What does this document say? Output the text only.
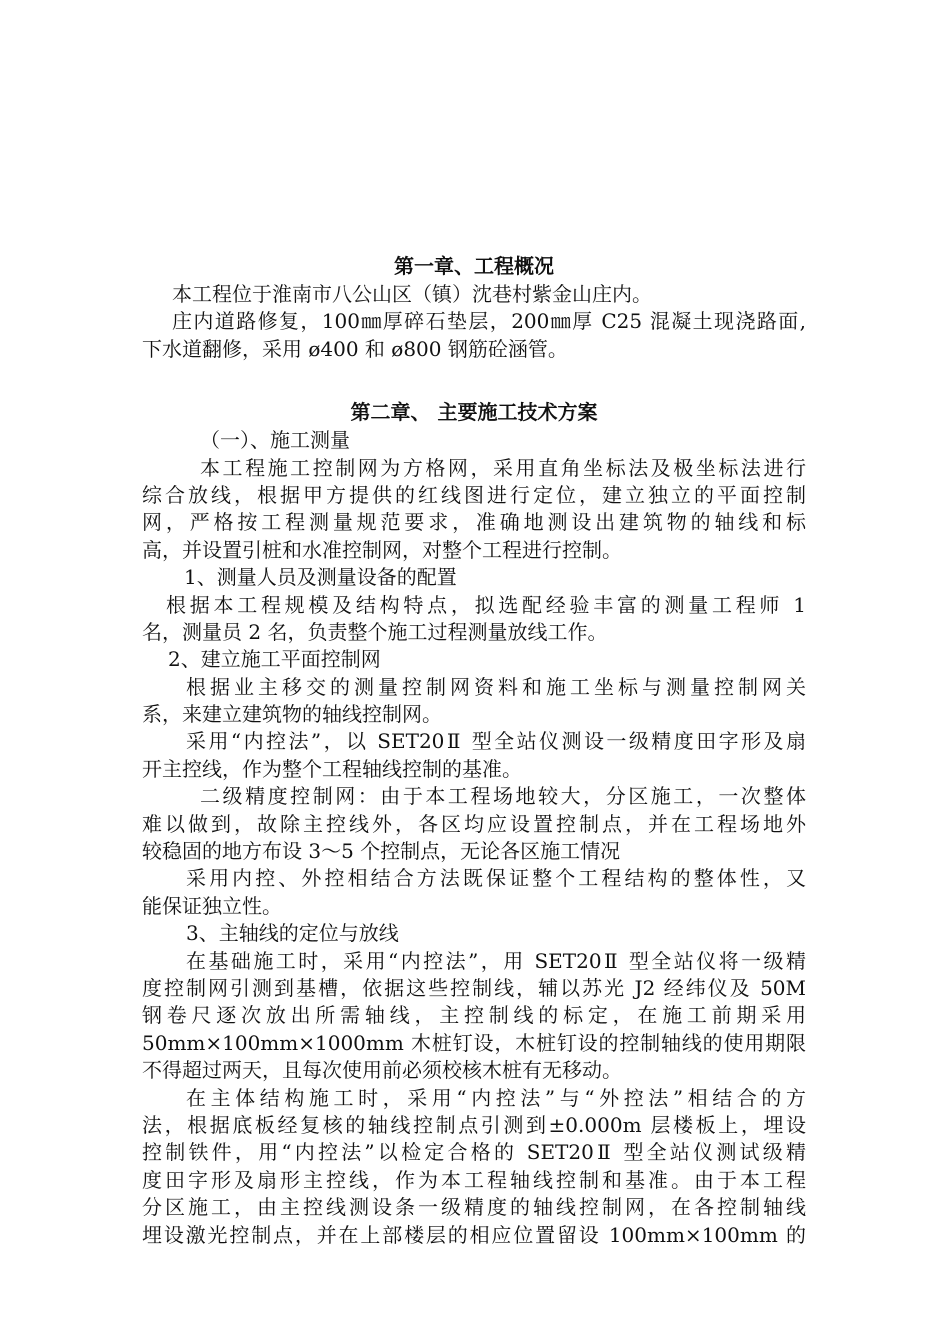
第一章、工程概况
本工程位于淮南市八公山区（镇）沈巷村紫金山庄内。
庄内道路修复，100㎜厚碎石垫层，200㎜厚 C25 混凝土现浇路面,
下水道翻修，采用 ø400 和 ø800 钢筋砼涵管。
第二章、 主要施工技术方案
（一）、施工测量
本工程施工控制网为方格网，采用直角坐标法及极坐标法进行
综合放线，根据甲方提供的红线图进行定位，建立独立的平面控制
网，严格按工程测量规范要求，准确地测设出建筑物的轴线和标
高，并设置引桩和水准控制网，对整个工程进行控制。
1、测量人员及测量设备的配置
根据本工程规模及结构特点，拟选配经验丰富的测量工程师 1
名，测量员 2 名，负责整个施工过程测量放线工作。
2、建立施工平面控制网
根据业主移交的测量控制网资料和施工坐标与测量控制网关
系，来建立建筑物的轴线控制网。
采用“内控法”，以 SET20Ⅱ 型全站仪测设一级精度田字形及扇
开主控线，作为整个工程轴线控制的基准。
二级精度控制网：由于本工程场地较大，分区施工，一次整体
难以做到，故除主控线外，各区均应设置控制点，并在工程场地外
较稳固的地方布设 3～5 个控制点，无论各区施工情况
采用内控、外控相结合方法既保证整个工程结构的整体性，又
能保证独立性。
3、主轴线的定位与放线
在基础施工时，采用“内控法”，用 SET20Ⅱ 型全站仪将一级精
度控制网引测到基槽，依据这些控制线，辅以苏光 J2 经纬仪及 50M
钢卷尺逐次放出所需轴线，主控制线的标定，在施工前期采用
50mm×100mm×1000mm 木桩钉设，木桩钉设的控制轴线的使用期限
不得超过两天，且每次使用前必须校核木桩有无移动。
在主体结构施工时，采用“内控法”与“外控法”相结合的方
法，根据底板经复核的轴线控制点引测到±0.000m 层楼板上，埋设
控制铁件，用“内控法”以检定合格的 SET20Ⅱ 型全站仪测试级精
度田字形及扇形主控线，作为本工程轴线控制和基准。由于本工程
分区施工，由主控线测设条一级精度的轴线控制网，在各控制轴线
埋设激光控制点，并在上部楼层的相应位置留设 100mm×100mm 的
